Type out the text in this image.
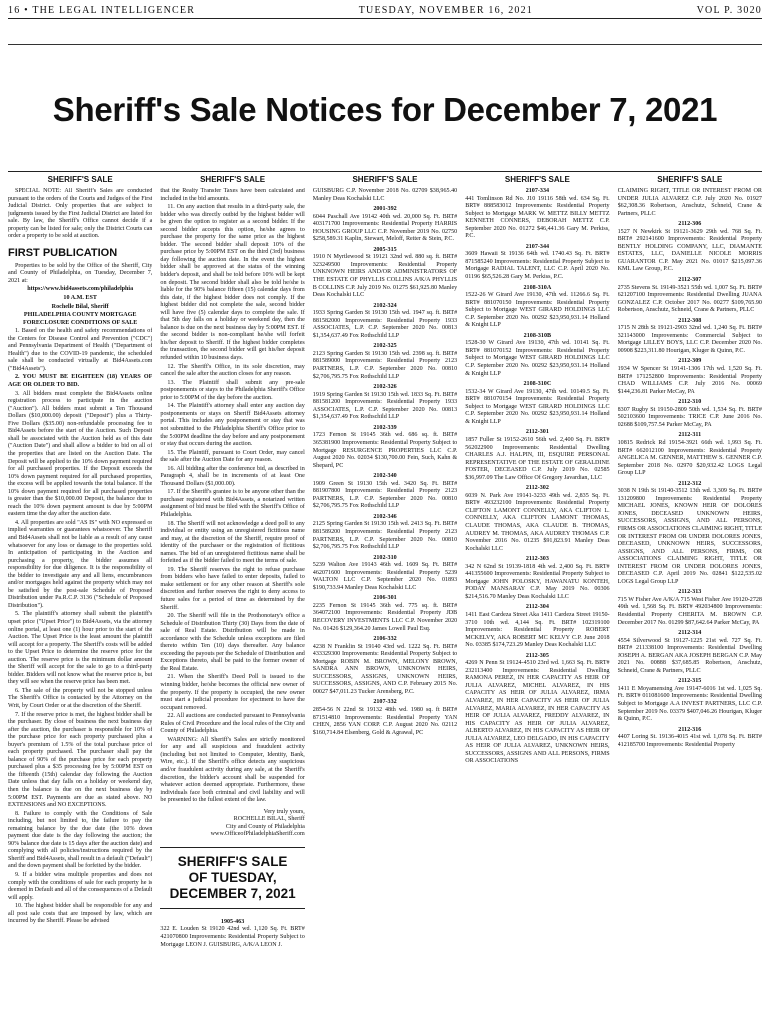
16 • THE LEGAL INTELLIGENCER	TUESDAY, NOVEMBER 16, 2021	VOL P. 3020
Sheriff's Sale Notices for December 7, 2021
SHERIFF'S SALE	SHERIFF'S SALE	SHERIFF'S SALE	SHERIFF'S SALE	SHERIFF'S SALE

SPECIAL NOTE: All Sheriff's Sales are conducted pursuant to the orders of the Courts and Judges of the First Judicial District. Only properties that are subject to judgments issued by the First Judicial District are listed for sale. By law, the Sheriff's Office cannot decide if a property can be listed for sale; only the District Courts can order a property to be sold at auction.

FIRST PUBLICATION

Properties to be sold by the Office of the Sheriff, City and County of Philadelphia, on Tuesday, December 7, 2021 at:

https://www.bid4assets.com/philadelphia

10 A.M. EST

Rochelle Bilal, Sheriff

PHILADELPHIA COUNTY MORTGAGE FORECLOSURE CONDITIONS OF SALE

1. Based on the health and safety recommendations of the Centers for Disease Control and Prevention ("CDC") and Pennsylvania Department of Health ("Department of Health") due to the COVID-19 pandemic, the scheduled sale shall be conducted virtually at Bid4Assets.com ("Bid4Assets").

2. YOU MUST BE EIGHTEEN (18) YEARS OF AGE OR OLDER TO BID.

3. All bidders must complete the Bid4Assets online registration process to participate in the auction ("Auction"). All bidders must submit a Ten Thousand Dollars ($10,000.00) deposit ("Deposit") plus a Thirty-Five Dollars ($35.00) non-refundable processing fee to Bid4Assets before the start of the Auction. Such Deposit shall be associated with the Auction held as of this date ("Auction Date") and shall allow a bidder to bid on all of the properties that are listed on the Auction Date. The Deposit will be applied to the 10% down payment required for all purchased properties. If the Deposit exceeds the 10% down payment required for all purchased properties, the excess will be applied towards the total balance. If the 10% down payment required for all purchased properties is greater than the $10,000.00 Deposit, the balance due to reach the 10% down payment amount is due by 5:00PM eastern time the day after the auction date.

4. All properties are sold "AS IS" with NO expressed or implied warranties or guarantees whatsoever. The Sheriff and Bid4Assets shall not be liable as a result of any cause whatsoever for any loss or damage to the properties sold. In anticipation of participating in the Auction and purchasing a property, the bidder assumes all responsibility for due diligence. It is the responsibility of the bidder to investigate any and all liens, encumbrances and/or mortgages held against the property which may not be satisfied by the post-sale Schedule of Proposed Distribution under Pa.R.C.P. 3136 ("Schedule of Proposed Distribution").

5. The plaintiff's attorney shall submit the plaintiff's upset price ("Upset Price") to Bid4Assets, via the attorney online portal, at least one (1) hour prior to the start of the Auction. The Upset Price is the least amount the plaintiff will accept for a property. The Sheriff's costs will be added to the Upset Price to determine the reserve price for the auction. The reserve price is the minimum dollar amount the Sheriff will accept for the sale to go to a third-party bidder. Bidders will not know what the reserve price is, but they will see when the reserve price has been met.

6. The sale of the property will not be stopped unless The Sheriff's Office is contacted by the Attorney on the Writ, by Court Order or at the discretion of the Sheriff.

7. If the reserve price is met, the highest bidder shall be the purchaser. By close of business the next business day after the auction, the purchaser is responsible for 10% of the purchase price for each property purchased plus a buyer's premium of 1.5% of the total purchase price of each property purchased. The purchaser shall pay the balance of 90% of the purchase price for each property purchased plus a $35 processing fee by 5:00PM EST on the fifteenth (15th) calendar day following the Auction Date unless that day falls on a holiday or weekend day, then the balance is due on the next business day by 5:00PM EST. Payments are due as stated above. NO EXTENSIONS and NO EXCEPTIONS.

8. Failure to comply with the Conditions of Sale including, but not limited to, the failure to pay the remaining balance by the due date (the 10% down payment due date is the day following the auction; the 90% balance due date is 15 days after the auction date) and complying with all policies/instructions required by the Sheriff and Bid4Assets, shall result in a default ("Default") and the down payment shall be forfeited by the bidder.

9. If a bidder wins multiple properties and does not comply with the conditions of sale for each property he is deemed in Default and all of the consequences of a Default will apply.

10. The highest bidder shall be responsible for any and all post sale costs that are imposed by law, which are incurred by the Sheriff. Please be advised

that the Realty Transfer Taxes have been calculated and included in the bid amounts.

11. On any auction that results in a third-party sale, the bidder who was directly outbid by the highest bidder will be given the option to register as a second bidder. If the second bidder accepts this option, he/she agrees to purchase the property for the same price as the highest bidder. The second bidder shall deposit 10% of the purchase price by 5:00PM EST on the third (3rd) business day following the auction date. In the event the highest bidder shall be approved at the status of the winning bidder's deposit, and shall be told before 10% will be kept on deposit. The second bidder shall also be told he/she is liable for the 90% balance fifteen (15) calendar days from this date, if the highest bidder does not comply. If the highest bidder did not complete the sale, second bidder will have five (5) calendar days to complete the sale. If that 5th day falls on a holiday or weekend day, then the balance is due on the next business day by 5:00PM EST. If the second bidder is non-compliant he/she will forfeit his/her deposit to Sheriff. If the highest bidder completes the transaction, the second bidder will get his/her deposit refunded within 10 business days.

12. The Sheriff's Office, in its sole discretion, may cancel the sale after the auction closes for any reason.

13. The Plaintiff shall submit any pre-sale postponements or stays to the Philadelphia Sheriff's Office prior to 5:00PM of the day before the auction.

14. The Plaintiff's attorney shall enter any auction day postponements or stays on Sheriff Bid4Assets attorney portal. This includes any postponement or stay that was not submitted to the Philadelphia Sheriff's Office prior to the 5:00PM deadline the day before and any postponement or stay that occurs during the auction.

15. The Plaintiff, pursuant to Court Order, may cancel the sale after the Auction Date for any reason.

16. All bidding after the conference bid, as described in Paragraph 4, shall be in increments of at least One Thousand Dollars ($1,000.00).

17. If the Sheriff's grantee is to be anyone other than the purchaser registered with Bid4Assets, a notarized written assignment of bid must be filed with the Sheriff's Office of Philadelphia.

18. The Sheriff will not acknowledge a deed poll to any individual or entity using an unregistered fictitious name and may, at the discretion of the Sheriff, require proof of identity of the purchaser or the registration of fictitious names. The bid of an unregistered fictitious name shall be forfeited as if the bidder failed to meet the terms of sale.

19. The Sheriff reserves the right to refuse purchase from bidders who have failed to enter deposits, failed to make settlement or for any other reason at Sheriff's sole discretion and further reserves the right to deny access to future sales for a period of time as determined by the Sheriff.

20. The Sheriff will file in the Prothonotary's office a Schedule of Distribution Thirty (30) Days from the date of sale of Real Estate. Distribution will be made in accordance with the Schedule unless exceptions are filed thereto within Ten (10) days thereafter. Any balance exceeding the payouts per the Schedule of Distribution and Exceptions thereto, shall be paid to the former owner of the Real Estate.

21. When the Sheriff's Deed Poll is issued to the winning bidder, he/she becomes the official new owner of the property. If the property is occupied, the new owner must start a judicial procedure for ejectment to have the occupant removed.

22. All auctions are conducted pursuant to Pennsylvania Rules of Civil Procedure and the local rules of the City and County of Philadelphia.

WARNING: All Sheriff's Sales are strictly monitored for any and all suspicious and fraudulent activity (including but not limited to Computer, Identity, Bank, Wire, etc.). If the Sheriff's office detects any suspicious and/or fraudulent activity during any sale, at the Sheriff's discretion, the bidder's account shall be suspended for whatever action deemed appropriate. Furthermore, these individuals face both criminal and civil liability and will be presented to the fullest extent of the law.

Very truly yours,
ROCHELLE BILAL, Sheriff
City and County of Philadelphia
www.OfficeofPhiladelphiaSheriff.com
SHERIFF'S SALE
OF TUESDAY,
DECEMBER 7, 2021

1905-463

322 E. Louden St 19120 42nd wd. 1,120 Sq. Ft. BRT# 421070800 Improvements: Residential Property Subject to Mortgage LEON J. GUISBURG, A/K/A LEON J.

GUISBURG C.P. November 2018 No. 02709 $38,965.40 Manley Deas Kochalski LLC

2001-392

6044 Paschall Ave 19142 40th wd. 20,000 Sq. Ft. BRT# 403171700 Improvements: Residential Property HARRIS HOUSING GROUP LLC C.P. November 2019 No. 02750 $258,589.31 Kaplin, Stewart, Meloff, Reiter & Stein, P.C.

2005-315

1910 N Myrtlewood St 19121 32nd wd. 880 sq. ft. BRT# 323249500 Improvements: Residential Property UNKNOWN HEIRS AND/OR ADMINISTRATORS OF THE ESTATE OF PHYLLIS COLLINS A/K/A PHYLLIS B COLLINS C.P. July 2019 No. 01275 $61,925.80 Manley Deas Kochalski LLC

2102-324

1933 Spring Garden St 19130 15th wd. 1947 sq. ft. BRT# 881582000 Improvements: Residential Property 1933 ASSOCIATES, L.P. C.P. September 2020 No. 00813 $1,354,637.49 Fox Rothschild LLP

2102-325

2123 Spring Garden St 19130 15th wd. 2398 sq. ft. BRT# 881589000 Improvements: Residential Property 2123 PARTNERS, L.P. C.P. September 2020 No. 00810 $2,706,795.75 Fox Rothschild LLP

2102-326

1919 Spring Garden St 19130 15th wd. 1833 Sq. Ft. BRT# 881581200 Improvements: Residential Property 1933 ASSOCIATES, L.P. C.P. September 2020 No. 00813 $1,354,637.49 Fox Rothschild LLP

2102-339

1723 Fernon St 19145 36th wd. 686 sq. ft. BRT# 365381900 Improvements: Residential Property Subject to Mortgage RESURGENCE PROPERTIES LLC C.P. August 2020 No. 02034 $130,700.00 Fein, Such, Kahn & Shepard, PC

2102-340

1909 Green St 19130 15th wd. 3420 Sq. Ft. BRT# 881907800 Improvements: Residential Property 2123 PARTNERS, L.P. C.P. September 2020 No. 00810 $2,706,795.75 Fox Rothschild LLP

2102-346

2125 Spring Garden St 19130 15th wd. 2413 Sq. Ft. BRT# 881589200 Improvements: Residential Property 2123 PARTNERS, L.P. C.P. September 2020 No. 00810 $2,706,795.75 Fox Rothschild LLP

2102-310

5239 Walton Ave 19143 46th wd. 1609 Sq. Ft. BRT# 462071600 Improvements: Residential Property 5239 WALTON LLC C.P. September 2020 No. 01893 $190,733.94 Manley Deas Kochalski LLC

2106-301

2235 Fernon St 19145 36th wd. 775 sq. ft. BRT# 364072100 Improvements: Residential Property JDB RECOVERY INVESTMENTS LLC C.P. November 2020 No. 01426 $129,364.20 James Lowell Paul Esq.

2106-332

4238 N Franklin St 19140 43rd wd. 1222 Sq. Ft. BRT# 433329300 Improvements: Residential Property Subject to Mortgage ROBIN M. BROWN, MELONY BROWN, SANDRA ANN BROWN, UNKNOWN HEIRS, SUCCESSORS, ASSIGNS, UNKNOWN HEIRS, SUCCESSORS, ASSIGNS, AND C.P. February 2015 No. 00027 $47,011.23 Tucker Arensberg, P.C.

2107-332

2854-56 N 22nd St 19132 48th wd. 1980 sq. ft BRT# 871514810 Improvements: Residential Property YAN CHEN, 2856 YAN CORP. C.P. August 2020 No. 02112 $160,714.84 Elsenberg, Gold & Agrawal, PC

2107-334

441 Tomlinson Rd No. J10 19116 58th wd. 634 Sq. Ft. BRT# 888583012 Improvements: Residential Property Subject to Mortgage MARK W. METTZ BILLY METTZ KENNETH CONNERS, DEBORAH METTZ C.P. September 2020 No. 01272 $46,441.36 Gary M. Perkiss, P.C.

2107-344

3609 Hawaii St 19136 64th wd. 1740.43 Sq. Ft. BRT# 871585240 Improvements: Residential Property Subject to Mortgage RADIAL TALENT, LLC C.P. April 2020 No. 01196 $65,526.28 Gary M. Perkiss, P.C.

2108-310A

1522-26 W Girard Ave 19130, 47th wd. 11266.6 Sq. Ft. BRT# 881070150 Improvements: Residential Property Subject to Mortgage WEST GIRARD HOLDINGS LLC C.P. September 2020 No. 00292 $23,950,931.14 Holland & Knight LLP

2108-310B

1528-30 W Girard Ave 19130, 47th wd. 10141 Sq. Ft. BRT# 881070152 Improvements: Residential Property Subject to Mortgage WEST GIRARD HOLDINGS LLC C.P. September 2020 No. 00292 $23,950,931.14 Holland & Knight LLP

2108-310C

1532-34 W Girard Ave 19130, 47th wd. 10149.5 Sq. Ft. BRT# 881070154 Improvements: Residential Property Subject to Mortgage WEST GIRARD HOLDINGS LLC C.P. September 2020 No. 00292 $23,950,931.14 Holland & Knight LLP

2112-301

1857 Fuller St 19152-2610 56th wd. 2,400 Sq. Ft. BRT# 562022900 Improvements: Residential Dwelling CHARLES A.J. HALPIN, III, ESQUIRE PERSONAL REPRESENTATIVE OF THE ESTATE OF GERALDINE FOSTER, DECEASED C.P. July 2019 No. 02585 $36,997.09 The Law Office Of Gregory Javardian, LLC

2112-302

6039 N. Park Ave 19141-3233 49th wd. 2,835 Sq. Ft. BRT# 493232100 Improvements: Residential Property CLIFTON LAMONT CONNELLY, AKA CLIFTON L. CONNELLY, AKA CLIFTON LAMONT THOMAS, CLAUDE THOMAS, AKA CLAUDE B. THOMAS, AUDREY M. THOMAS, AKA AUDREY THOMAS C.P. November 2016 No. 01235 $91,823.91 Manley Deas Kochalski LLC

2112-303

342 N 62nd St 19139-1818 4th wd. 2,400 Sq. Ft. BRT# 441355600 Improvements: Residential Property Subject to Mortgage JOHN POLOSKY, HAWANATU KONTEH, PODAY MANSARAY C.P. May 2019 No. 00306 $214,516.70 Manley Deas Kochalski LLC

2112-304

1411 East Cardeza Street Aka 1411 Cardeza Street 19150-3710 10th wd. 4,144 Sq. Ft. BRT# 102319100 Improvements: Residential Property ROBERT MCKELVY, AKA ROBERT MC KELVY C.P. June 2018 No. 03385 $174,723.29 Manley Deas Kochalski LLC

2112-305

4269 N Penn St 19124-4510 23rd wd. 1,663 Sq. Ft. BRT# 232113400 Improvements: Residential Dwelling RAMONA PEREZ, IN HER CAPACITY AS HEIR OF JULIA ALVAREZ, MICHEL ALVAREZ, IN HIS CAPACITY AS HEIR OF JULIA ALVAREZ, IRMA ALVAREZ, IN HER CAPACITY AS HEIR OF JULIA ALVAREZ, MARIA ALVAREZ, IN HER CAPACITY AS HEIR OF JULIA ALVAREZ, FREDDY ALVAREZ, IN HIS CAPACITY AS HEIR OF JULIA ALVAREZ, ALBERTO ALVAREZ, IN HIS CAPACITY AS HEIR OF JULIA ALVAREZ, LEO DELGADO, IN HIS CAPACITY AS HEIR OF JULIA ALVAREZ, UNKNOWN HEIRS, SUCCESSORS, ASSIGNS AND ALL PERSONS, FIRMS OR ASSOCIATIONS

CLAIMING RIGHT, TITLE OR INTEREST FROM OR UNDER JULIA ALVAREZ C.P. July 2020 No. 01927 $62,308.36 Robertson, Anschutz, Schneid, Crane & Partners, PLLC

2112-306

1527 N Newkirk St 19121-3629 29th wd. 768 Sq. Ft. BRT# 292141600 Improvements: Residential Property BENTLY HOLDING COMPANY, LLC, DIAMANTE ESTATES, LLC, DANIELLE NICOLE MORRIS GUARANTOR C.P. May 2021 No. 01017 $215,097.36 KML Law Group, P.C.

2112-307

2735 Stevens St. 19149-3521 55th wd. 1,007 Sq. Ft. BRT# 621207100 Improvements: Residential Dwelling JUANA GONZALEZ C.P. October 2017 No. 00277 $109,765.90 Robertson, Anschutz, Schneid, Crane & Partners, PLLC

2112-308

1715 N 28th St 19121-2903 32nd wd. 1,240 Sq. Ft. BRT# 321143000 Improvements: Commercial Subject to Mortgage LILLEY BOYS, LLC C.P. December 2020 No. 00908 $223,311.80 Hourigan, Kluger & Quinn, P.C.

2112-309

1934 W Spencer St 19141-1306 17th wd. 1,520 Sq. Ft. BRT# 171252800 Improvements: Residential Property CHAD WILLIAMS C.P. July 2016 No. 00069 $144,236.81 Parker McCay, PA

2112-310

8307 Rugby St 19150-2809 50th wd. 1,534 Sq. Ft. BRT# 502103600 Improvements: TRICE C.P. June 2016 No. 02688 $109,757.54 Parker McCay, PA

2112-311

10815 Redrick Rd 19154-3921 66th wd. 1,993 Sq. Ft. BRT# 662012100 Improvements: Residential Property ANGELICA M. GENNER, MATTHEW S. GENNER C.P. September 2018 No. 02970 $20,932.42 LOGS Legal Group LLP

2112-312

3038 N 19th St 19140-3512 13th wd. 3,309 Sq. Ft. BRT# 131209800 Improvements: Residential Property MICHAEL JONES, KNOWN HEIR OF DOLORES JONES, DECEASED UNKNOWN HEIRS, SUCCESSORS, ASSIGNS, AND ALL PERSONS, FIRMS OR ASSOCIATIONS CLAIMING RIGHT, TITLE OR INTEREST FROM OR UNDER DOLORES JONES, DECEASED, UNKNOWN HEIRS, SUCCESSORS, ASSIGNS, AND ALL PERSONS, FIRMS, OR ASSOCIATIONS CLAIMING RIGHT, TITLE OR INTEREST FROM OR UNDER DOLORES JONES, DECEASED C.P. April 2019 No. 02841 $122,535.02 LOGS Legal Group LLP

2112-313

715 W Fisher Ave A/K/A 715 West Fisher Ave 19120-2728 49th wd. 1,568 Sq. Ft. BRT# 492034800 Improvements: Residential Property CHERITA M. BROWN C.P. December 2017 No. 01299 $87,642.64 Parker McCay, PA

2112-314

4554 Silverwood St 19127-1225 21st wd. 727 Sq. Ft. BRT# 211338100 Improvements: Residential Dwelling JOSEPH A. BERGAN AKA JOSEPH BERGAN C.P. May 2021 No. 00888 $37,685.85 Robertson, Anschutz, Schneid, Crane & Partners, PLLC

2112-315

1411 E Moyamensing Ave 19147-6016 1st wd. 1,025 Sq. Ft. BRT# 011081600 Improvements: Residential Dwelling Subject to Mortgage A.A INVEST PARTNERS, LLC C.P. September 2019 No. 03379 $407,046.26 Hourigan, Kluger & Quinn, P.C.

2112-316

4407 Loring St. 19136-4015 41st wd. 1,078 Sq. Ft. BRT# 412185700 Improvements: Residential Property
